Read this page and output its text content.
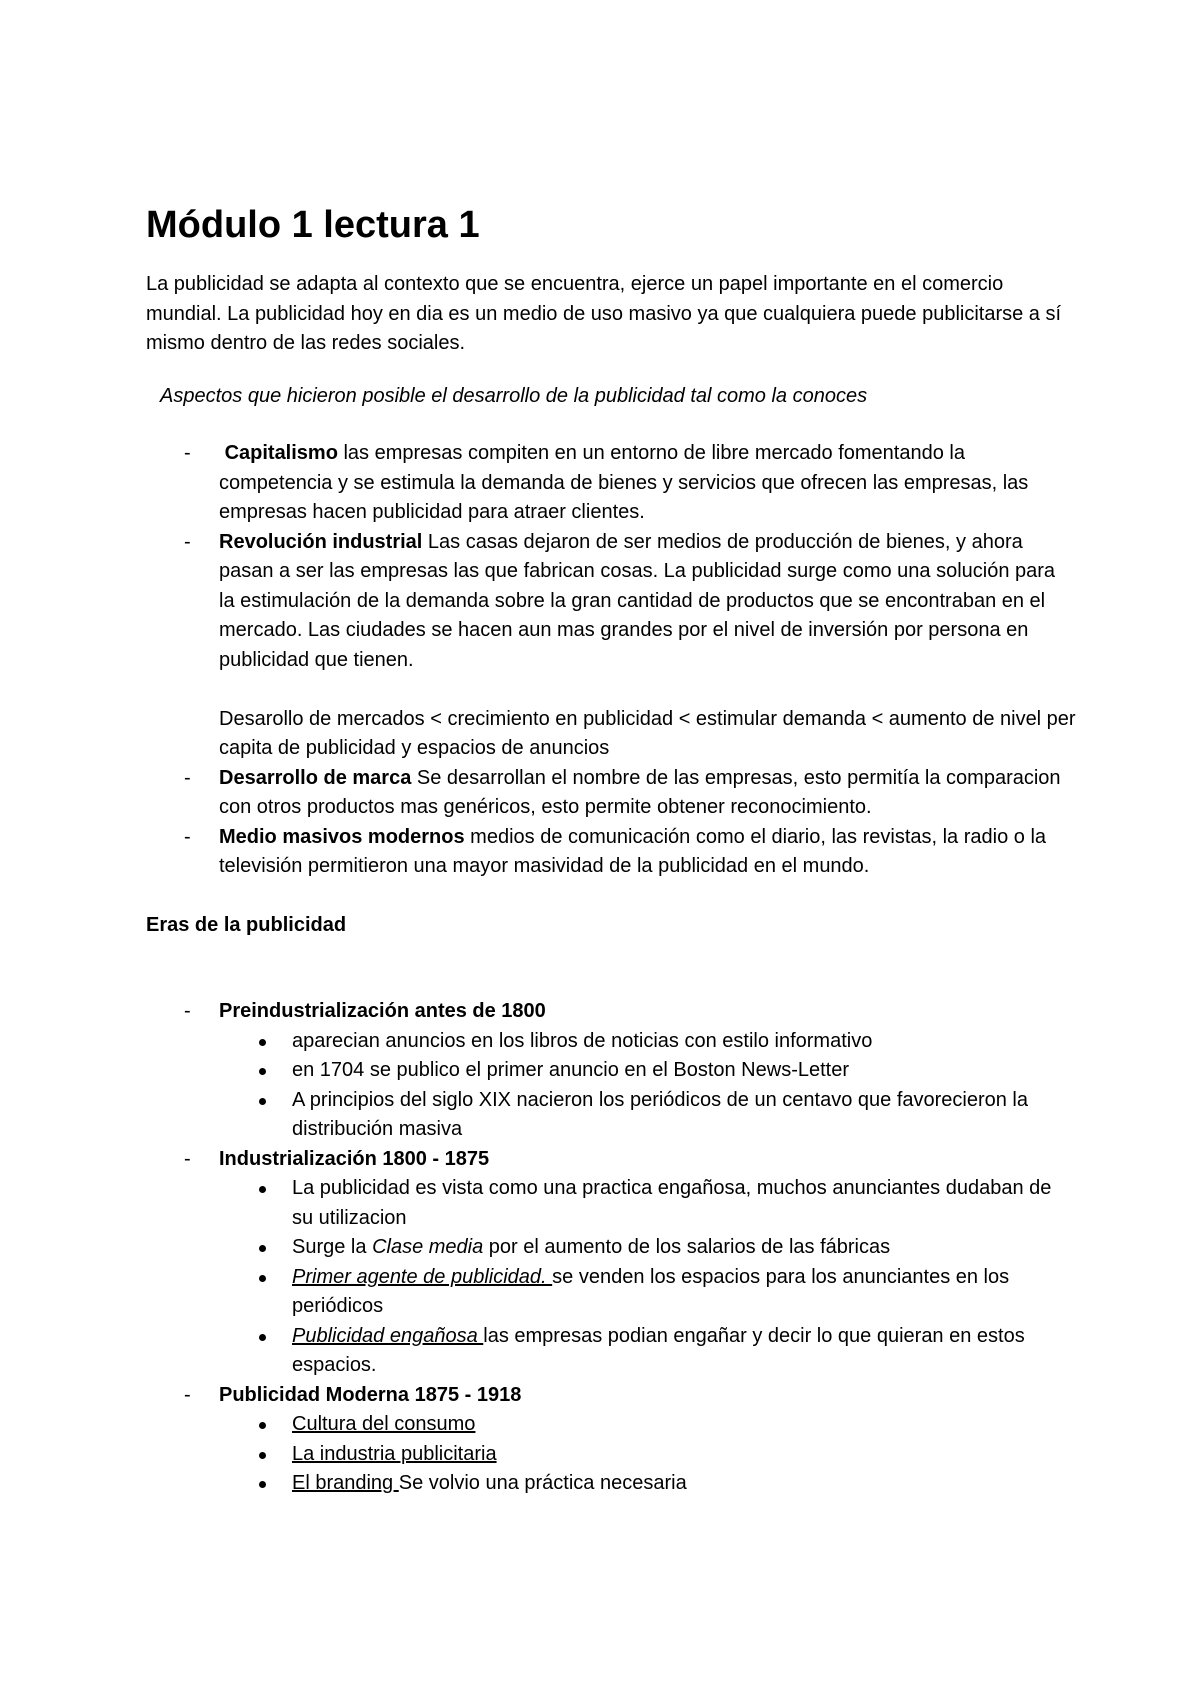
Módulo 1 lectura 1

La publicidad se adapta al contexto que se encuentra, ejerce un papel importante en el comercio mundial. La publicidad hoy en dia es un medio de uso masivo ya que cualquiera puede publicitarse a sí mismo dentro de las redes sociales.

Aspectos que hicieron posible el desarrollo de la publicidad tal como la conoces

- Capitalismo las empresas compiten en un entorno de libre mercado fomentando la competencia y se estimula la demanda de bienes y servicios que ofrecen las empresas, las empresas hacen publicidad para atraer clientes.
- Revolución industrial Las casas dejaron de ser medios de producción de bienes, y ahora pasan a ser las empresas las que fabrican cosas. La publicidad surge como una solución para la estimulación de la demanda sobre la gran cantidad de productos que se encontraban en el mercado. Las ciudades se hacen aun mas grandes por el nivel de inversión por persona en publicidad que tienen.
Desarollo de mercados < crecimiento en publicidad < estimular demanda < aumento de nivel per capita de publicidad y espacios de anuncios
- Desarrollo de marca Se desarrollan el nombre de las empresas, esto permitía la comparacion con otros productos mas genéricos, esto permite obtener reconocimiento.
- Medio masivos modernos medios de comunicación como el diario, las revistas, la radio o la televisión permitieron una mayor masividad de la publicidad en el mundo.
Eras de la publicidad
- Preindustrialización antes de 1800
aparecian anuncios en los libros de noticias con estilo informativo
en 1704 se publico el primer anuncio en el Boston News-Letter
A principios del siglo XIX nacieron los periódicos de un centavo que favorecieron la distribución masiva
- Industrialización 1800 - 1875
La publicidad es vista como una practica engañosa, muchos anunciantes dudaban de su utilizacion
Surge la Clase media por el aumento de los salarios de las fábricas
Primer agente de publicidad. se venden los espacios para los anunciantes en los periódicos
Publicidad engañosa las empresas podian engañar y decir lo que quieran en estos espacios.
- Publicidad Moderna 1875 - 1918
Cultura del consumo
La industria publicitaria
El branding Se volvio una práctica necesaria
